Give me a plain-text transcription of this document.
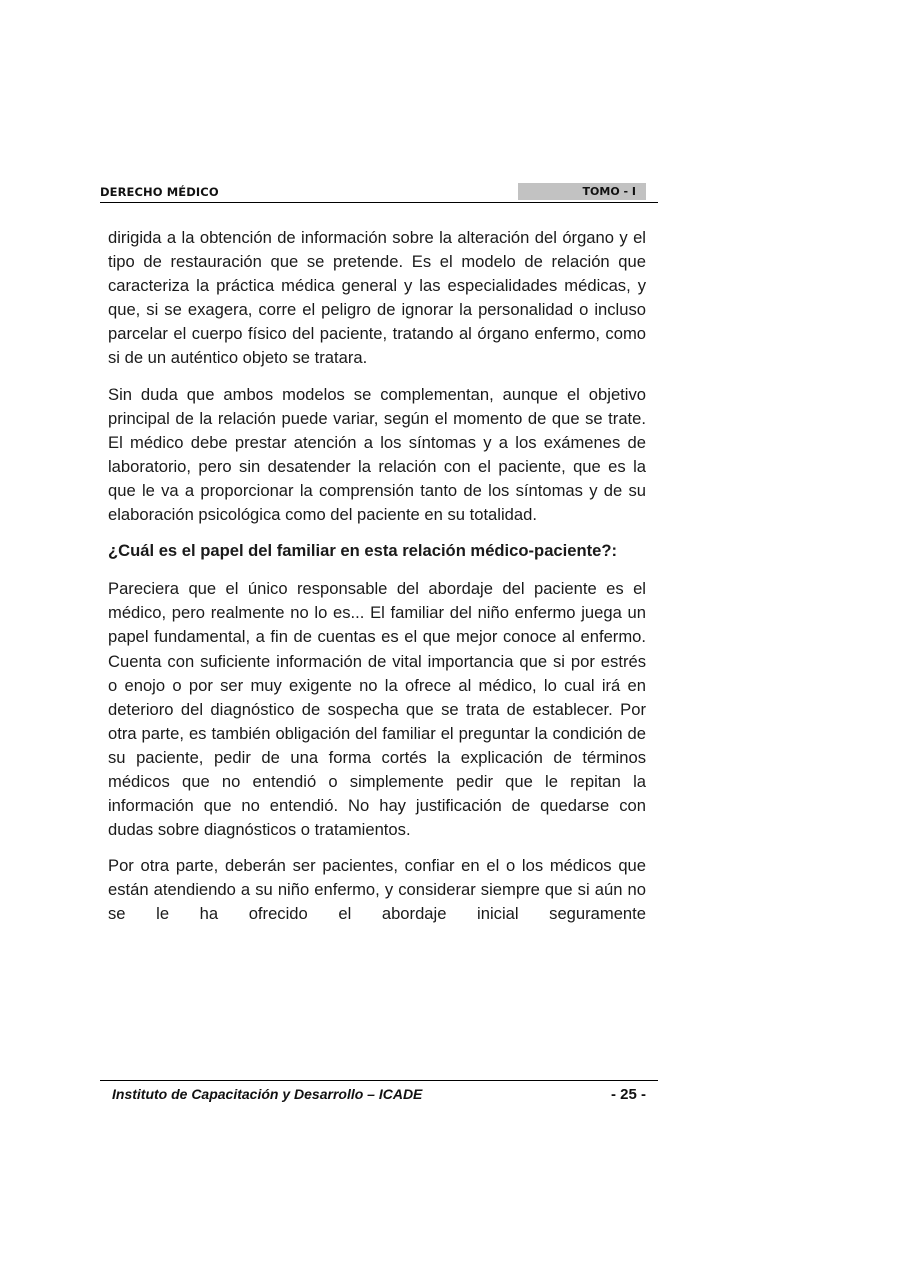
DERECHO MÉDICO	TOMO - I

dirigida a la obtención de información sobre la alteración del órgano y el tipo de restauración que se pretende. Es el modelo de relación que caracteriza la práctica médica general y las especialidades médicas, y que, si se exagera, corre el peligro de ignorar la personalidad o incluso parcelar el cuerpo físico del paciente, tratando al órgano enfermo, como si de un auténtico objeto se tratara.

Sin duda que ambos modelos se complementan, aunque el objetivo principal de la relación puede variar, según el momento de que se trate. El médico debe prestar atención a los síntomas y a los exámenes de laboratorio, pero sin desatender la relación con el paciente, que es la que le va a proporcionar la comprensión tanto de los síntomas y de su elaboración psicológica como del paciente en su totalidad.

¿Cuál es el papel del familiar en esta relación médico-paciente?:

Pareciera que el único responsable del abordaje del paciente es el médico, pero realmente no lo es... El familiar del niño enfermo juega un papel fundamental, a fin de cuentas es el que mejor conoce al enfermo. Cuenta con suficiente información de vital importancia que si por estrés o enojo o por ser muy exigente no la ofrece al médico, lo cual irá en deterioro del diagnóstico de sospecha que se trata de establecer. Por otra parte, es también obligación del familiar el preguntar la condición de su paciente, pedir de una forma cortés la explicación de términos médicos que no entendió o simplemente pedir que le repitan la información que no entendió. No hay justificación de quedarse con dudas sobre diagnósticos o tratamientos.

Por otra parte, deberán ser pacientes, confiar en el o los médicos que están atendiendo a su niño enfermo, y considerar siempre que si aún no se le ha ofrecido el abordaje inicial seguramente

Instituto de Capacitación y Desarrollo – ICADE	- 25 -
